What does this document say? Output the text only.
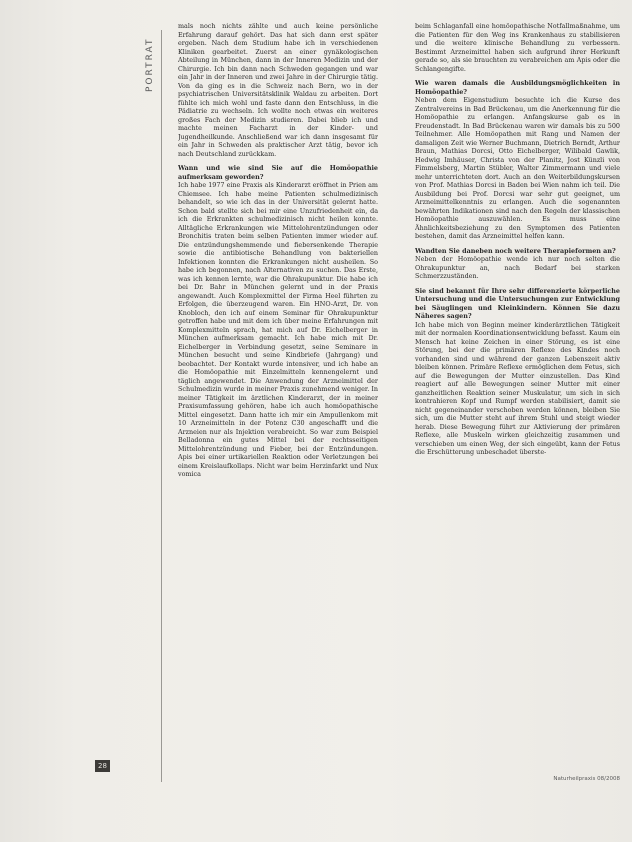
PORTRAT
28

mals noch nichts zählte und auch keine persönliche Erfahrung darauf gehört. Das hat sich dann erst später ergeben. Nach dem Studium habe ich in verschiedenen Kliniken gearbeitet. Zuerst an einer gynäkologischen Abteilung in München, dann in der Inneren Medizin und der Chirurgie. Ich bin dann nach Schweden gegangen und war ein Jahr in der Inneren und zwei Jahre in der Chirurgie tätig. Von da ging es in die Schweiz nach Bern, wo in der psychiatrischen Universitätsklinik Waldau zu arbeiten. Dort fühlte ich mich wohl und faste dann den Entschluss, in die Pädiatrie zu wechseln. Ich wollte noch etwas ein weiteres großes Fach der Medizin studieren. Dabei blieb ich und machte meinen Facharzt in der Kinder- und Jugendheilkunde. Anschließend war ich dann insgesamt für ein Jahr in Schweden als praktischer Arzt tätig, bevor ich nach Deutschland zurückkam.

Wann und wie sind Sie auf die Homöopathie aufmerksam geworden?

Ich habe 1977 eine Praxis als Kinderarzt eröffnet in Prien am Chiemsee. Ich habe meine Patienten schulmedizinisch behandelt, so wie ich das in der Universität gelernt hatte. Schon bald stellte sich bei mir eine Unzufriedenheit ein, da ich die Erkrankten schulmedizinisch nicht heilen konnte. Alltägliche Erkrankungen wie Mittelohrentzündungen oder Bronchitis traten beim selben Patienten immer wieder auf. Die entzündungshemmende und fiebersenkende Therapie sowie die antibiotische Behandlung von bakteriellen Infektionen konnten die Erkrankungen nicht ausheilen. So habe ich begonnen, nach Alternativen zu suchen. Das Erste, was ich kennen lernte, war die Ohrakupunktur. Die habe ich bei Dr. Bahr in München gelernt und in der Praxis angewandt. Auch Komplexmittel der Firma Heel führten zu Erfolgen, die überzeugend waren. Ein HNO-Arzt, Dr. von Knobloch, den ich auf einem Seminar für Ohrakupunktur getroffen habe und mit dem ich über meine Erfahrungen mit Komplexmitteln sprach, hat mich auf Dr. Eichelberger in München aufmerksam gemacht. Ich habe mich mit Dr. Eichelberger in Verbindung gesetzt, seine Seminare in München besucht und seine Kindbriefe (Jahrgang) und beobachtet. Der Kontakt wurde intensiver, und ich habe an die Homöopathie mit Einzelmitteln kennengelernt und täglich angewendet. Die Anwendung der Arzneimittel der Schulmedizin wurde in meiner Praxis zunehmend weniger. In meiner Tätigkeit im ärztlichen Kinderarzt, der in meiner Praxisumfassung gehören, habe ich auch homöopathische Mittel eingesetzt. Dann hatte ich mir ein Ampullenkom mit 10 Arzneimitteln in der Potenz C30 angeschafft und die Arzneien nur als Injektion verabreicht. So war zum Beispiel Belladonna ein gutes Mittel bei der rechtsseitigen Mittelohrentzündung und Fieber, bei der Entzündungen. Apis bei einer urtikariellen Reaktion oder Verletzungen bei einem Kreislaufkollaps. Nicht war beim Herzinfarkt und Nux vomica

beim Schlaganfall eine homöopathische Notfallmaßnahme, um die Patienten für den Weg ins Krankenhaus zu stabilisieren und die weitere klinische Behandlung zu verbessern. Bestimmt Arzneimittel haben sich aufgrund ihrer Herkunft gerade so, als sie brauchten zu verabreichen am Apis oder die Schlangengifte.

Wie waren damals die Ausbildungsmöglichkeiten in Homöopathie?

Neben dem Eigenstudium besuchte ich die Kurse des Zentralvereins in Bad Brückenau, um die Anerkennung für die Homöopathie zu erlangen. Anfangskurse gab es in Freudenstadt. In Bad Brückenau waren wir damals bis zu 500 Teilnehmer. Alle Homöopathen mit Rang und Namen der damaligen Zeit wie Werner Buchmann, Dietrich Berndt, Arthur Braun, Mathias Dorcsi, Otto Eichelberger, Wilibald Gawlik, Hedwig Imhäuser, Christa von der Planitz, Jost Künzli von Fimmelsberg, Martin Stübler, Walter Zimmermann und viele mehr unterrichteten dort. Auch an den Weiterbildungskursen von Prof. Mathias Dorcsi in Baden bei Wien nahm ich teil. Die Ausbildung bei Prof. Dorcsi war sehr gut geeignet, um Arzneimittelkenntnis zu erlangen. Auch die sogenannten bewährten Indikationen sind nach den Regeln der klassischen Homöopathie auszuwählen. Es muss eine Ähnlichkeitsbeziehung zu den Symptomen des Patienten bestehen, damit das Arzneimittel helfen kann.

Wandten Sie daneben noch weitere Therapieformen an?

Neben der Homöopathie wende ich nur noch selten die Ohrakupunktur an, nach Bedarf bei starken Schmerzzuständen.

Sie sind bekannt für Ihre sehr differenzierte körperliche Untersuchung und die Untersuchungen zur Entwicklung bei Säuglingen und Kleinkindern. Können Sie dazu Näheres sagen?

Ich habe mich von Beginn meiner kinderärztlichen Tätigkeit mit der normalen Koordinationsentwicklung befasst. Kaum ein Mensch hat keine Zeichen in einer Störung, es ist eine Störung, bei der die primären Reflexe des Kindes noch vorhanden sind und während der ganzen Lebenszeit aktiv bleiben können. Primäre Reflexe ermöglichen dem Fetus, sich auf die Bewegungen der Mutter einzustellen. Das Kind reagiert auf alle Bewegungen seiner Mutter mit einer ganzheitlichen Reaktion seiner Muskulatur, um sich in sich kontrahieren Kopf und Rumpf werden stabilisiert, damit sie nicht gegeneinander verschoben werden können, bleiben Sie sich, um die Mutter steht auf ihrem Stuhl und steigt wieder herab. Diese Bewegung führt zur Aktivierung der primären Reflexe, alle Muskeln wirken gleichzeitig zusammen und verschieben um einen Weg, der sich eingeübt, kann der Fetus die Erschütterung unbeschadet überste-

Naturheilpraxis 08/2008
